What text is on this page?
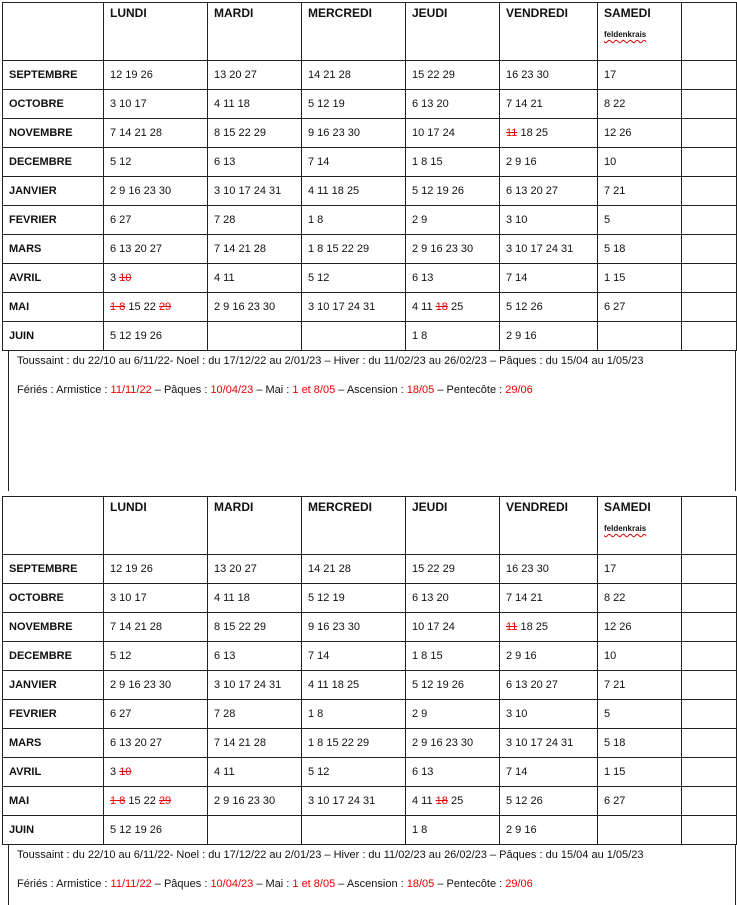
	LUNDI	MARDI	MERCREDI	JEUDI	VENDREDI	SAMEDI
feldenkrais	

SEPTEMBRE	12 19 26	13 20 27	14 21 28	15 22 29	16 23 30	17	
OCTOBRE	3 10 17	4 11 18	5 12 19	6 13 20	7 14 21	8 22	
NOVEMBRE	7 14 21 28	8 15 22 29	9 16 23 30	10 17 24	11 18 25	12 26	
DECEMBRE	5 12	6 13	7 14	1 8 15	2 9 16	10	
JANVIER	2 9 16 23 30	3 10 17 24 31	4 11 18 25	5 12 19 26	6 13 20 27	7 21	
FEVRIER	6 27	7 28	1 8	2 9	3 10	5	
MARS	6 13 20 27	7 14 21 28	1 8 15 22 29	2 9 16 23 30	3 10 17 24 31	5 18	
AVRIL	3 10	4 11	5 12	6 13	7 14	1 15	
MAI	1 8 15 22 29	2 9 16 23 30	3 10 17 24 31	4 11 18 25	5 12 26	6 27	
JUIN	5 12 19 26			1 8	2 9 16		
Toussaint : du 22/10 au 6/11/22- Noel : du 17/12/22 au 2/01/23 – Hiver : du 11/02/23 au 26/02/23 – Pâques : du 15/04 au 1/05/23
Fériés : Armistice : 11/11/22 – Pâques : 10/04/23 – Mai : 1 et 8/05 – Ascension : 18/05 – Pentecôte : 29/06
	LUNDI	MARDI	MERCREDI	JEUDI	VENDREDI	SAMEDI
feldenkrais	

SEPTEMBRE	12 19 26	13 20 27	14 21 28	15 22 29	16 23 30	17	
OCTOBRE	3 10 17	4 11 18	5 12 19	6 13 20	7 14 21	8 22	
NOVEMBRE	7 14 21 28	8 15 22 29	9 16 23 30	10 17 24	11 18 25	12 26	
DECEMBRE	5 12	6 13	7 14	1 8 15	2 9 16	10	
JANVIER	2 9 16 23 30	3 10 17 24 31	4 11 18 25	5 12 19 26	6 13 20 27	7 21	
FEVRIER	6 27	7 28	1 8	2 9	3 10	5	
MARS	6 13 20 27	7 14 21 28	1 8 15 22 29	2 9 16 23 30	3 10 17 24 31	5 18	
AVRIL	3 10	4 11	5 12	6 13	7 14	1 15	
MAI	1 8 15 22 29	2 9 16 23 30	3 10 17 24 31	4 11 18 25	5 12 26	6 27	
JUIN	5 12 19 26			1 8	2 9 16		
Toussaint : du 22/10 au 6/11/22- Noel : du 17/12/22 au 2/01/23 – Hiver : du 11/02/23 au 26/02/23 – Pâques : du 15/04 au 1/05/23
Fériés : Armistice : 11/11/22 – Pâques : 10/04/23 – Mai : 1 et 8/05 – Ascension : 18/05 – Pentecôte : 29/06
